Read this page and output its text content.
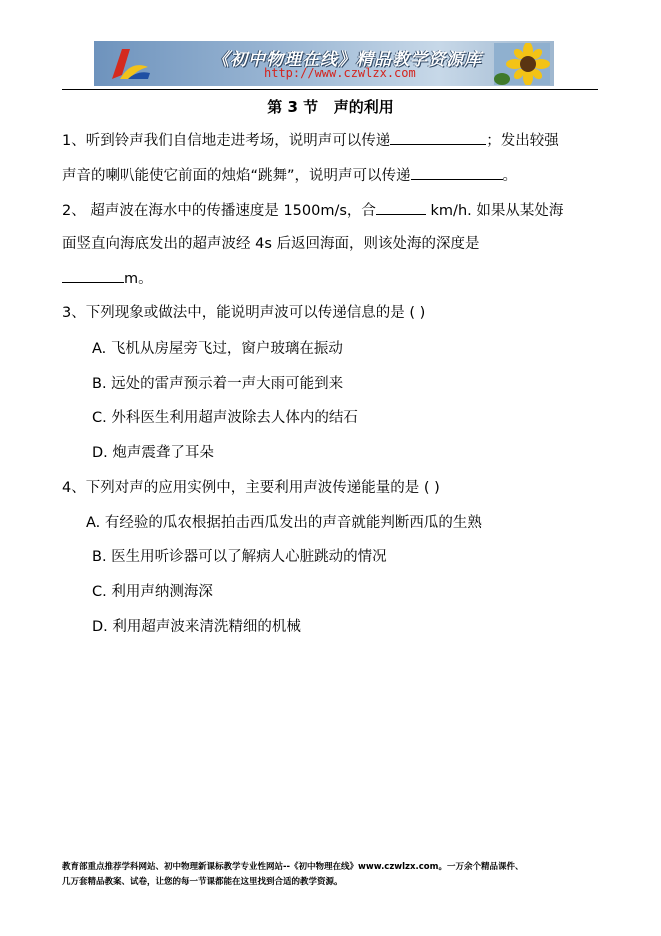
《初中物理在线》精品教学资源库
http://www.czwlzx.com
第 3 节   声的利用
1、听到铃声我们自信地走进考场，说明声可以传递	；发出较强
声音的喇叭能使它前面的烛焰“跳舞”，说明声可以传递	。
2、 超声波在海水中的传播速度是 1500m/s，合	km/h. 如果从某处海
面竖直向海底发出的超声波经 4s 后返回海面，则该处海的深度是
m。
3、下列现象或做法中，能说明声波可以传递信息的是 ( )
A. 飞机从房屋旁飞过，窗户玻璃在振动
B. 远处的雷声预示着一声大雨可能到来
C. 外科医生利用超声波除去人体内的结石
D. 炮声震聋了耳朵
4、下列对声的应用实例中，主要利用声波传递能量的是 ( )
A. 有经验的瓜农根据拍击西瓜发出的声音就能判断西瓜的生熟
B. 医生用听诊器可以了解病人心脏跳动的情况
C. 利用声纳测海深
D. 利用超声波来清洗精细的机械
教育部重点推荐学科网站、初中物理新课标教学专业性网站--《初中物理在线》www.czwlzx.com。一万余个精品课件、
几万套精品教案、试卷，让您的每一节课都能在这里找到合适的教学资源。
